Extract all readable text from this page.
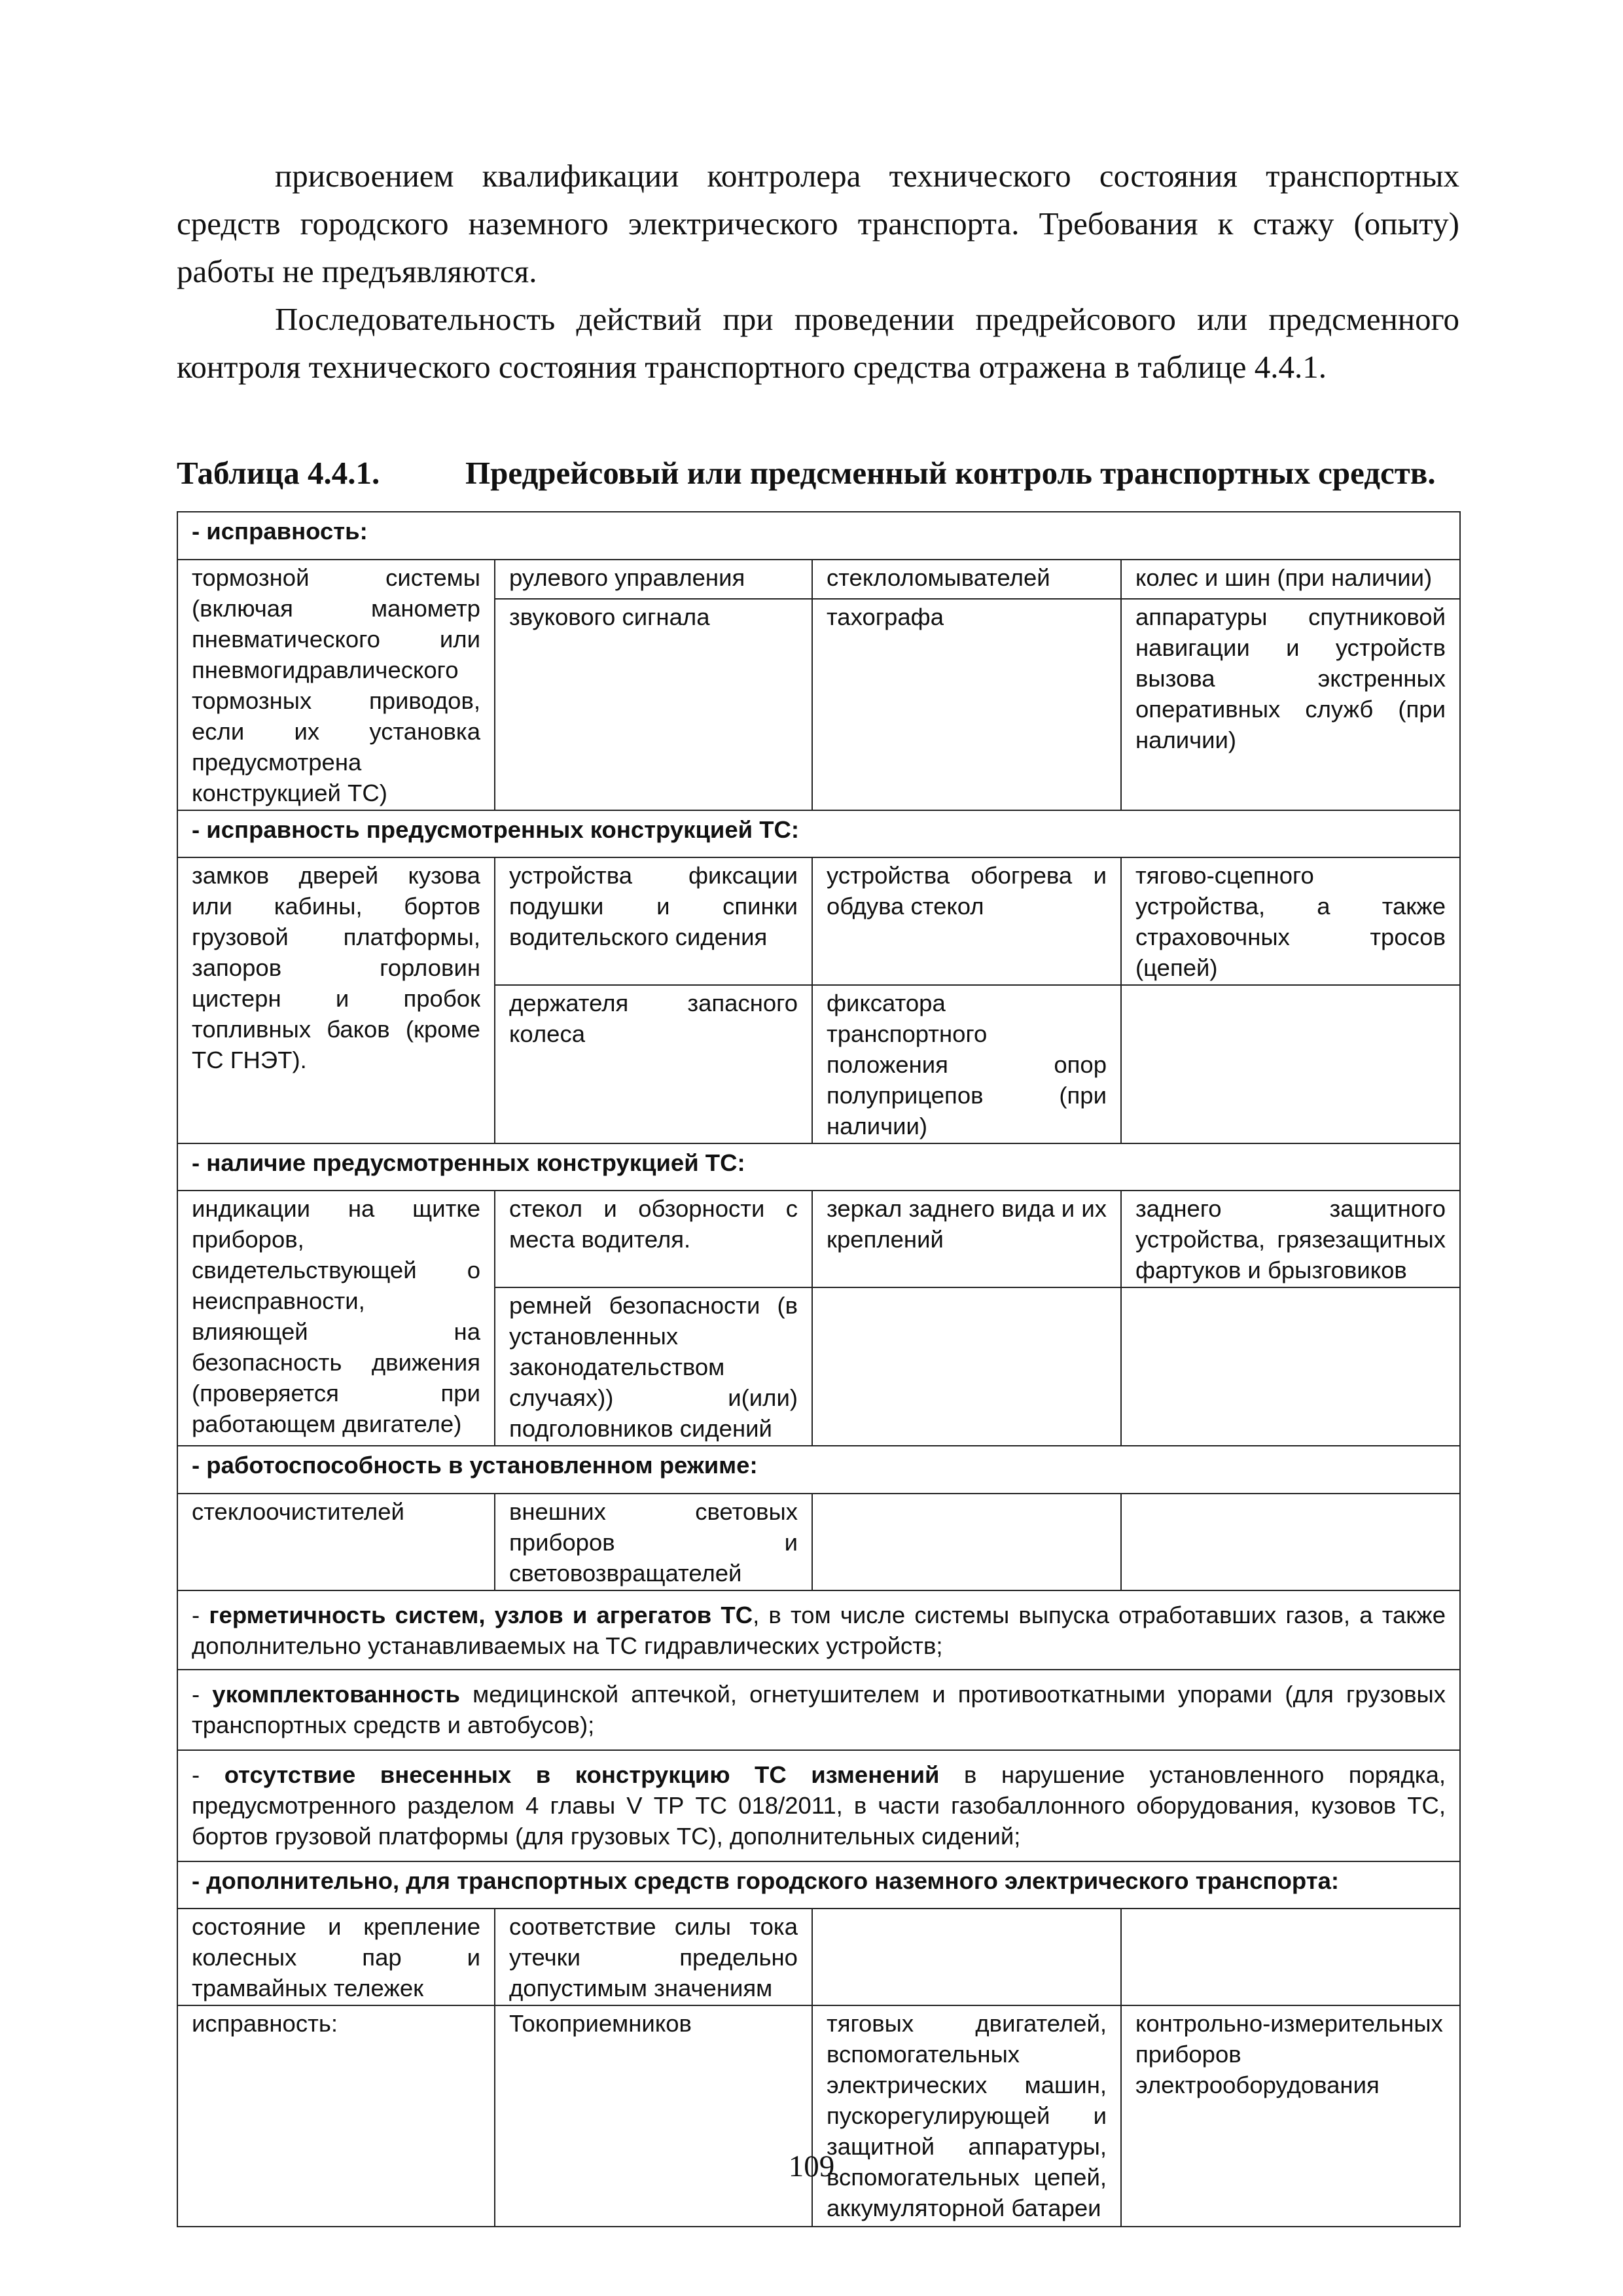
присвоением квалификации контролера технического состояния транспортных средств городского наземного электрического транспорта. Требования к стажу (опыту) работы не предъявляются.

Последовательность действий при проведении предрейсового или предсменного контроля технического состояния транспортного средства отражена в таблице 4.4.1.

Таблица 4.4.1.	Предрейсовый или предсменный контроль транспортных средств.
- исправность:			
тормозной системы (включая манометр пневматического или пневмогидравлического тормозных приводов, если их установка предусмотрена конструкцией ТС)	рулевого управления	стеклоломывателей	колес и шин (при наличии)
	звукового сигнала	тахографа	аппаратуры спутниковой навигации и устройств вызова экстренных оперативных служб (при наличии)
- исправность предусмотренных конструкцией ТС:			
замков дверей кузова или кабины, бортов грузовой платформы, запоров горловин цистерн и пробок топливных баков (кроме ТС ГНЭТ).	устройства фиксации подушки и спинки водительского сидения	устройства обогрева и обдува стекол	тягово-сцепного устройства, а также страховочных тросов (цепей)
	держателя запасного колеса	фиксатора транспортного положения опор полуприцепов (при наличии)	
- наличие предусмотренных конструкцией ТС:			
индикации на щитке приборов, свидетельствующей о неисправности, влияющей на безопасность движения (проверяется при работающем двигателе)	стекол и обзорности с места водителя.	зеркал заднего вида и их креплений	заднего защитного устройства, грязезащитных фартуков и брызговиков
	ремней безопасности (в установленных законодательством случаях)) и(или) подголовников сидений		
- работоспособность в установленном режиме:			
стеклоочистителей	внешних световых приборов и световозвращателей		
- герметичность систем, узлов и агрегатов ТС, в том числе системы выпуска отработавших газов, а также дополнительно устанавливаемых на ТС гидравлических устройств;			
- укомплектованность медицинской аптечкой, огнетушителем и противооткатными упорами (для грузовых транспортных средств и автобусов);			
- отсутствие внесенных в конструкцию ТС изменений в нарушение установленного порядка, предусмотренного разделом 4 главы V ТР ТС 018/2011, в части газобаллонного оборудования, кузовов ТС, бортов грузовой платформы (для грузовых ТС), дополнительных сидений;			
- дополнительно, для транспортных средств городского наземного электрического транспорта:			
состояние и крепление колесных пар и трамвайных тележек	соответствие силы тока утечки предельно допустимым значениям		
исправность:	Токоприемников	тяговых двигателей, вспомогательных электрических машин, пускорегулирующей и защитной аппаратуры, вспомогательных цепей, аккумуляторной батареи	контрольно-измерительных приборов электрооборудования
109
